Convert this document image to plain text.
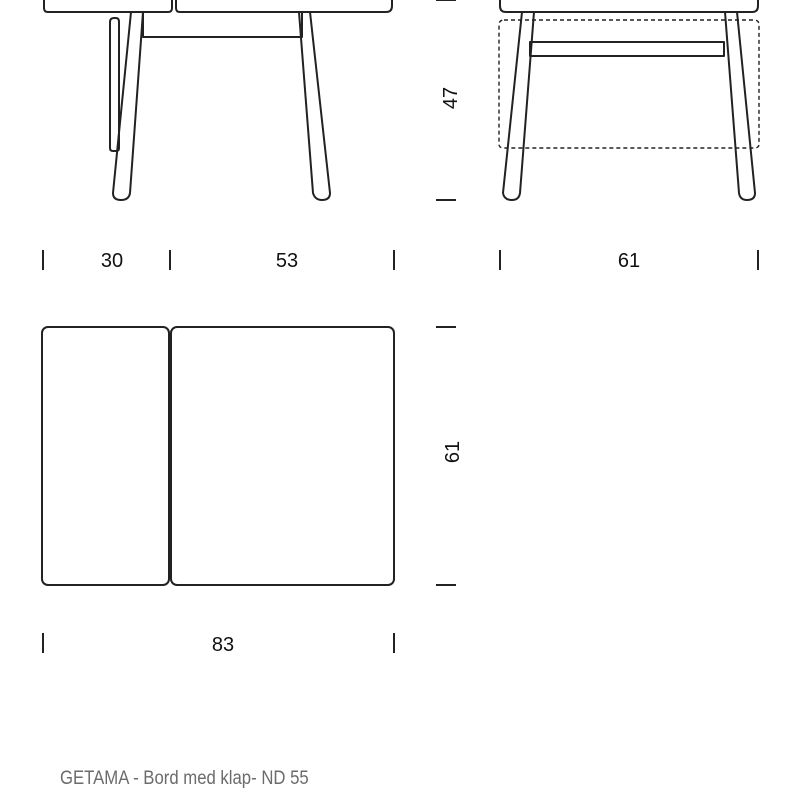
47
30	53	61
61
83
GETAMA - Bord med klap- ND 55
